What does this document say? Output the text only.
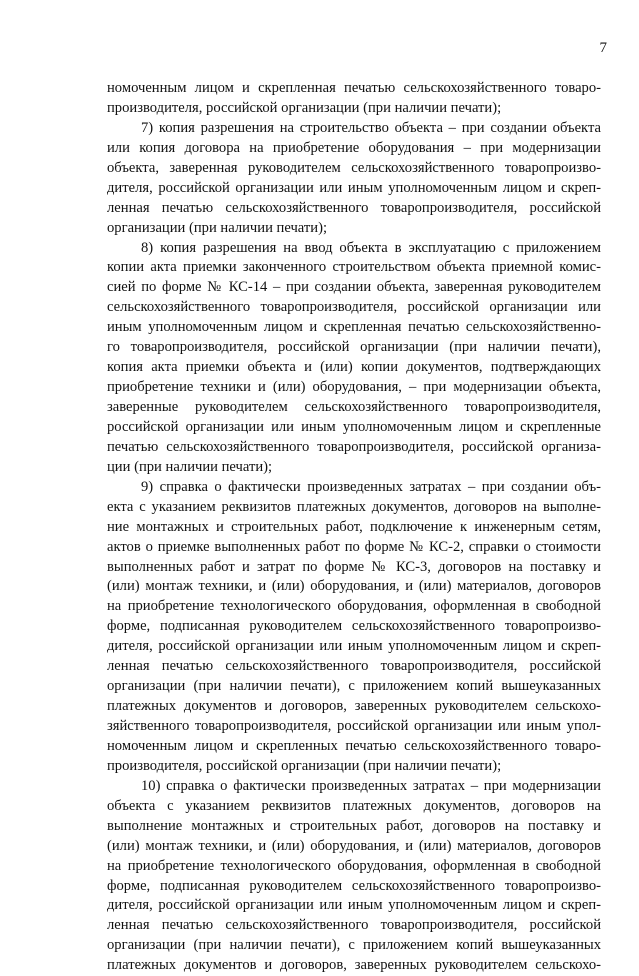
7
номоченным лицом и скрепленная печатью сельскохозяйственного товаро-
производителя, российской организации (при наличии печати);
7) копия разрешения на строительство объекта – при создании объекта
или копия договора на приобретение оборудования – при модернизации
объекта, заверенная руководителем сельскохозяйственного товаропроизво-
дителя, российской организации или иным уполномоченным лицом и скреп-
ленная печатью сельскохозяйственного товаропроизводителя, российской
организации (при наличии печати);
8) копия разрешения на ввод объекта в эксплуатацию с приложением
копии акта приемки законченного строительством объекта приемной комис-
сией по форме № КС-14 – при создании объекта, заверенная руководителем
сельскохозяйственного товаропроизводителя, российской организации или
иным уполномоченным лицом и скрепленная печатью сельскохозяйственно-
го товаропроизводителя, российской организации (при наличии печати),
копия акта приемки объекта и (или) копии документов, подтверждающих
приобретение техники и (или) оборудования, – при модернизации объекта,
заверенные руководителем сельскохозяйственного товаропроизводителя,
российской организации или иным уполномоченным лицом и скрепленные
печатью сельскохозяйственного товаропроизводителя, российской организа-
ции (при наличии печати);
9) справка о фактически произведенных затратах – при создании объ-
екта с указанием реквизитов платежных документов, договоров на выполне-
ние монтажных и строительных работ, подключение к инженерным сетям,
актов о приемке выполненных работ по форме № КС-2, справки о стоимости
выполненных работ и затрат по форме № КС-3, договоров на поставку и
(или) монтаж техники, и (или) оборудования, и (или) материалов, договоров
на приобретение технологического оборудования, оформленная в свободной
форме, подписанная руководителем сельскохозяйственного товаропроизво-
дителя, российской организации или иным уполномоченным лицом и скреп-
ленная печатью сельскохозяйственного товаропроизводителя, российской
организации (при наличии печати), с приложением копий вышеуказанных
платежных документов и договоров, заверенных руководителем сельскохо-
зяйственного товаропроизводителя, российской организации или иным упол-
номоченным лицом и скрепленных печатью сельскохозяйственного товаро-
производителя, российской организации (при наличии печати);
10) справка о фактически произведенных затратах – при модернизации
объекта с указанием реквизитов платежных документов, договоров на
выполнение монтажных и строительных работ, договоров на поставку и
(или) монтаж техники, и (или) оборудования, и (или) материалов, договоров
на приобретение технологического оборудования, оформленная в свободной
форме, подписанная руководителем сельскохозяйственного товаропроизво-
дителя, российской организации или иным уполномоченным лицом и скреп-
ленная печатью сельскохозяйственного товаропроизводителя, российской
организации (при наличии печати), с приложением копий вышеуказанных
платежных документов и договоров, заверенных руководителем сельскохо-
